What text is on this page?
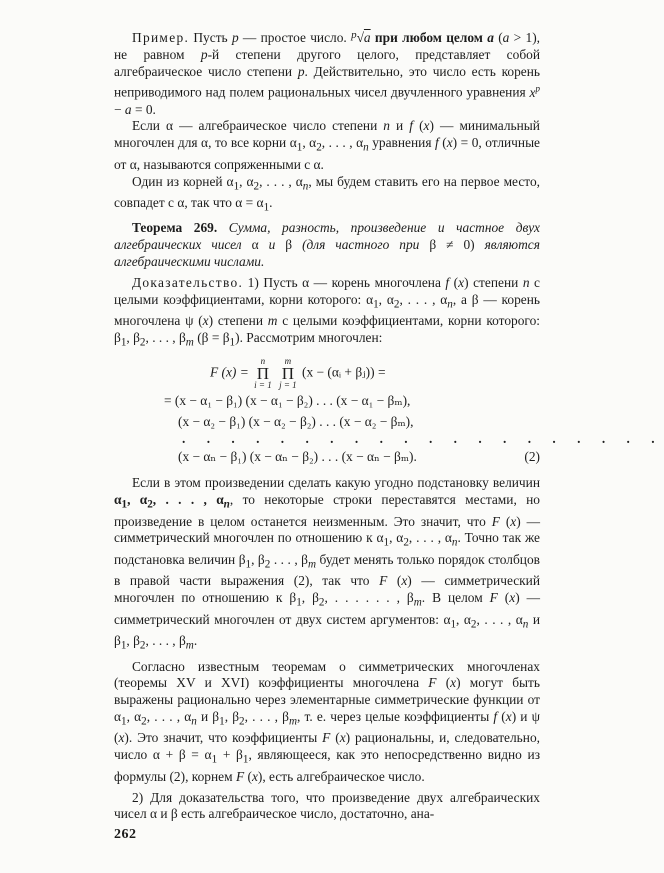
Пример. Пусть p — простое число. $^p$√a при любом целом a (a > 1), не равном p-й степени другого целого, представляет собой алгебраическое число степени p. Действительно, это число есть корень неприводимого над полем рациональных чисел двучленного уравнения $x^p - a = 0$.

Если α — алгебраическое число степени n и f (x) — минимальный многочлен для α, то все корни $\alpha_1$, $\alpha_2$, . . . , $\alpha_n$ уравнения f (x) = 0, отличные от α, называются сопряженными с α.

Один из корней $\alpha_1$, $\alpha_2$, . . . , $\alpha_n$, мы будем ставить его на первое место, совпадет с α, так что $\alpha = \alpha_1$.

Теорема 269. Сумма, разность, произведение и частное двух алгебраических чисел α и β (для частного при β ≠ 0) являются алгебраическими числами.

Доказательство. 1) Пусть α — корень многочлена f (x) степени n с целыми коэффициентами, корни которого: $\alpha_1$, $\alpha_2$, . . . , $\alpha_n$, а β — корень многочлена ψ (x) степени m с целыми коэффициентами, корни которого: $\beta_1$, $\beta_2$, . . . , $\beta_m$ $(\beta = \beta_1)$. Рассмотрим многочлен:

F (x) =
n
Π
i = 1

m
Π
j = 1
(x − (αᵢ + βⱼ)) =
= (x − α₁ − β₁) (x − α₁ − β₂) . . . (x − α₁ − βₘ),
(x − α₂ − β₁) (x − α₂ − β₂) . . . (x − α₂ − βₘ),
. . . . . . . . . . . . . . . . . . . .
(x − αₙ − β₁) (x − αₙ − β₂) . . . (x − αₙ − βₘ).	(2)

Если в этом произведении сделать какую угодно подстановку величин $\alpha_1$, $\alpha_2$, . . . , $\alpha_n$, то некоторые строки переставятся местами, но произведение в целом останется неизменным. Это значит, что F (x) — симметрический многочлен по отношению к $\alpha_1$, $\alpha_2$, . . . , $\alpha_n$. Точно так же подстановка величин $\beta_1$, $\beta_2$ . . . , $\beta_m$ будет менять только порядок столбцов в правой части выражения (2), так что F (x) — симметрический многочлен по отношению к $\beta_1$, $\beta_2$, . . . . . . , $\beta_m$. В целом F (x) — симметрический многочлен от двух систем аргументов: $\alpha_1$, $\alpha_2$, . . . , $\alpha_n$ и $\beta_1$, $\beta_2$, . . . , $\beta_m$.

Согласно известным теоремам о симметрических многочленах (теоремы XV и XVI) коэффициенты многочлена F (x) могут быть выражены рационально через элементарные симметрические функции от $\alpha_1$, $\alpha_2$, . . . , $\alpha_n$ и $\beta_1$, $\beta_2$, . . . , $\beta_m$, т. е. через целые коэффициенты f (x) и ψ (x). Это значит, что коэффициенты F (x) рациональны, и, следовательно, число $\alpha + \beta = \alpha_1 + \beta_1$, являющееся, как это непосредственно видно из формулы (2), корнем F (x), есть алгебраическое число.

2) Для доказательства того, что произведение двух алгебраических чисел α и β есть алгебраическое число, достаточно, ана-

262
